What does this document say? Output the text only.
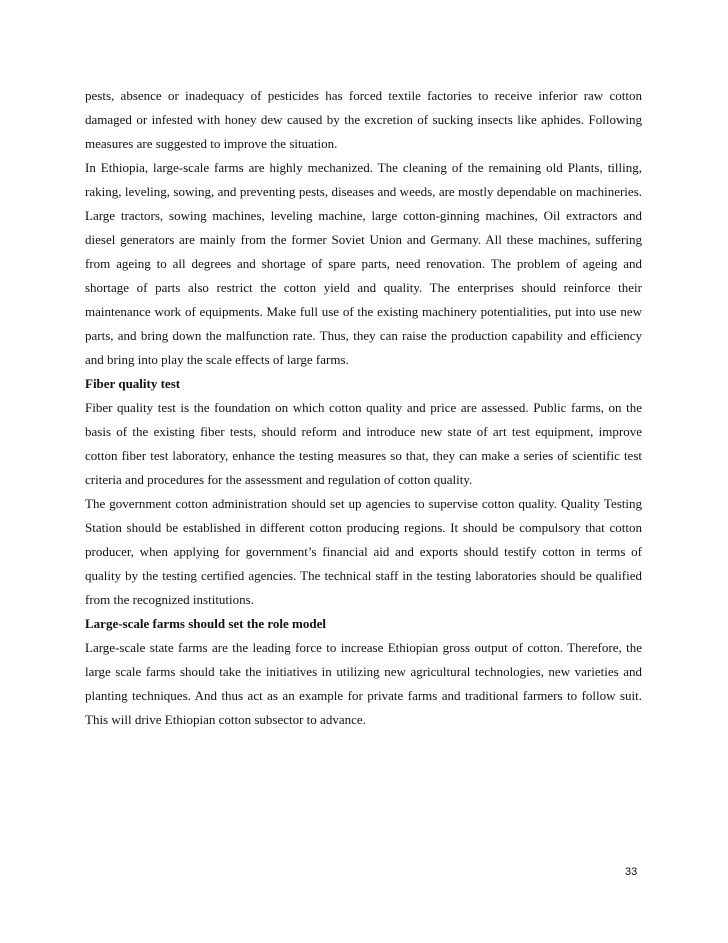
pests, absence or inadequacy of pesticides has forced textile factories to receive inferior raw cotton damaged or infested with honey dew caused by the excretion of sucking insects like aphides. Following measures are suggested to improve the situation.

In Ethiopia, large-scale farms are highly mechanized. The cleaning of the remaining old Plants, tilling, raking, leveling, sowing, and preventing pests, diseases and weeds, are mostly dependable on machineries. Large tractors, sowing machines, leveling machine, large cotton-ginning machines, Oil extractors and diesel generators are mainly from the former Soviet Union and Germany. All these machines, suffering from ageing to all degrees and shortage of spare parts, need renovation. The problem of ageing and shortage of parts also restrict the cotton yield and quality. The enterprises should reinforce their maintenance work of equipments. Make full use of the existing machinery potentialities, put into use new parts, and bring down the malfunction rate. Thus, they can raise the production capability and efficiency and bring into play the scale effects of large farms.

Fiber quality test

Fiber quality test is the foundation on which cotton quality and price are assessed. Public farms, on the basis of the existing fiber tests, should reform and introduce new state of art test equipment, improve cotton fiber test laboratory, enhance the testing measures so that, they can make a series of scientific test criteria and procedures for the assessment and regulation of cotton quality.

The government cotton administration should set up agencies to supervise cotton quality. Quality Testing Station should be established in different cotton producing regions. It should be compulsory that cotton producer, when applying for government’s financial aid and exports should testify cotton in terms of quality by the testing certified agencies. The technical staff in the testing laboratories should be qualified from the recognized institutions.

Large-scale farms should set the role model

Large-scale state farms are the leading force to increase Ethiopian gross output of cotton. Therefore, the large scale farms should take the initiatives in utilizing new agricultural technologies, new varieties and planting techniques. And thus act as an example for private farms and traditional farmers to follow suit. This will drive Ethiopian cotton subsector to advance.

33
